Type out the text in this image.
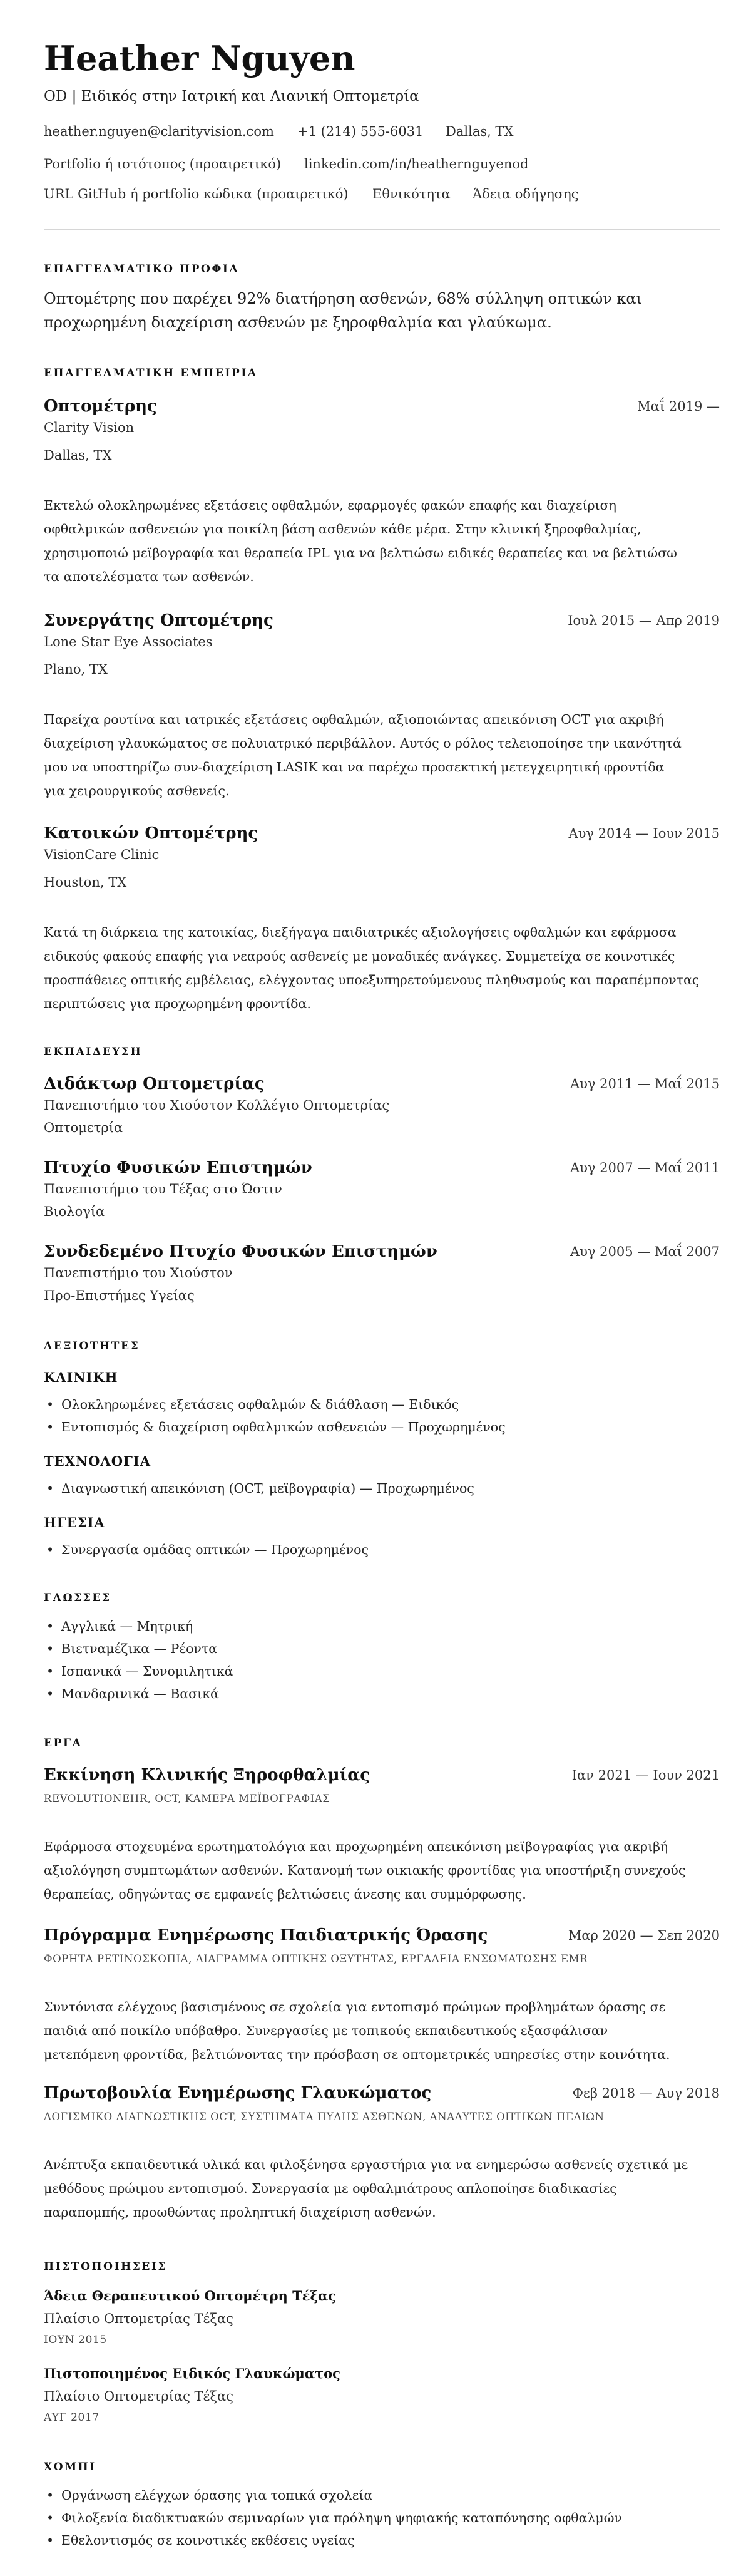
Heather Nguyen
OD | Ειδικός στην Ιατρική και Λιανική Οπτομετρία
heather.nguyen@clarityvision.com +1 (214) 555-6031 Dallas, TX
Portfolio ή ιστότοπος (προαιρετικό) linkedin.com/in/heathernguyenod
URL GitHub ή portfolio κώδικα (προαιρετικό) Εθνικότητα Άδεια οδήγησης
ΕΠΑΓΓΕΛΜΑΤΙΚΟ ΠΡΟΦΙΛ
Οπτομέτρης που παρέχει 92% διατήρηση ασθενών, 68% σύλληψη οπτικών και
προχωρημένη διαχείριση ασθενών με ξηροφθαλμία και γλαύκωμα.
ΕΠΑΓΓΕΛΜΑΤΙΚΗ ΕΜΠΕΙΡΙΑ
Οπτομέτρης	Μαΐ 2019 —
Clarity Vision
Dallas, TX
Εκτελώ ολοκληρωμένες εξετάσεις οφθαλμών, εφαρμογές φακών επαφής και διαχείριση
οφθαλμικών ασθενειών για ποικίλη βάση ασθενών κάθε μέρα. Στην κλινική ξηροφθαλμίας,
χρησιμοποιώ μεϊβογραφία και θεραπεία IPL για να βελτιώσω ειδικές θεραπείες και να βελτιώσω
τα αποτελέσματα των ασθενών.
Συνεργάτης Οπτομέτρης	Ιουλ 2015 — Απρ 2019
Lone Star Eye Associates
Plano, TX
Παρείχα ρουτίνα και ιατρικές εξετάσεις οφθαλμών, αξιοποιώντας απεικόνιση OCT για ακριβή
διαχείριση γλαυκώματος σε πολυιατρικό περιβάλλον. Αυτός ο ρόλος τελειοποίησε την ικανότητά
μου να υποστηρίζω συν-διαχείριση LASIK και να παρέχω προσεκτική μετεγχειρητική φροντίδα
για χειρουργικούς ασθενείς.
Κατοικών Οπτομέτρης	Αυγ 2014 — Ιουν 2015
VisionCare Clinic
Houston, TX
Κατά τη διάρκεια της κατοικίας, διεξήγαγα παιδιατρικές αξιολογήσεις οφθαλμών και εφάρμοσα
ειδικούς φακούς επαφής για νεαρούς ασθενείς με μοναδικές ανάγκες. Συμμετείχα σε κοινοτικές
προσπάθειες οπτικής εμβέλειας, ελέγχοντας υποεξυπηρετούμενους πληθυσμούς και παραπέμποντας
περιπτώσεις για προχωρημένη φροντίδα.
ΕΚΠΑΙΔΕΥΣΗ
Διδάκτωρ Οπτομετρίας	Αυγ 2011 — Μαΐ 2015
Πανεπιστήμιο του Χιούστον Κολλέγιο Οπτομετρίας
Οπτομετρία
Πτυχίο Φυσικών Επιστημών	Αυγ 2007 — Μαΐ 2011
Πανεπιστήμιο του Τέξας στο Ώστιν
Βιολογία
Συνδεδεμένο Πτυχίο Φυσικών Επιστημών	Αυγ 2005 — Μαΐ 2007
Πανεπιστήμιο του Χιούστον
Προ-Επιστήμες Υγείας
ΔΕΞΙΟΤΗΤΕΣ
ΚΛΙΝΙΚΗ
• Ολοκληρωμένες εξετάσεις οφθαλμών & διάθλαση — Ειδικός
• Εντοπισμός & διαχείριση οφθαλμικών ασθενειών — Προχωρημένος
ΤΕΧΝΟΛΟΓΙΑ
• Διαγνωστική απεικόνιση (OCT, μεϊβογραφία) — Προχωρημένος
ΗΓΕΣΙΑ
• Συνεργασία ομάδας οπτικών — Προχωρημένος
ΓΛΩΣΣΕΣ
• Αγγλικά — Μητρική
• Βιετναμέζικα — Ρέοντα
• Ισπανικά — Συνομιλητικά
• Μανδαρινικά — Βασικά
ΕΡΓΑ
Εκκίνηση Κλινικής Ξηροφθαλμίας	Ιαν 2021 — Ιουν 2021
REVOLUTIONEHR, OCT, ΚΑΜΕΡΑ ΜΕΪΒΟΓΡΑΦΙΑΣ
Εφάρμοσα στοχευμένα ερωτηματολόγια και προχωρημένη απεικόνιση μεϊβογραφίας για ακριβή
αξιολόγηση συμπτωμάτων ασθενών. Κατανομή των οικιακής φροντίδας για υποστήριξη συνεχούς
θεραπείας, οδηγώντας σε εμφανείς βελτιώσεις άνεσης και συμμόρφωσης.
Πρόγραμμα Ενημέρωσης Παιδιατρικής Όρασης	Μαρ 2020 — Σεπ 2020
ΦΟΡΗΤΑ ΡΕΤΙΝΟΣΚΟΠΙΑ, ΔΙΑΓΡΑΜΜΑ ΟΠΤΙΚΗΣ ΟΞΥΤΗΤΑΣ, ΕΡΓΑΛΕΙΑ ΕΝΣΩΜΑΤΩΣΗΣ EMR
Συντόνισα ελέγχους βασισμένους σε σχολεία για εντοπισμό πρώιμων προβλημάτων όρασης σε
παιδιά από ποικίλο υπόβαθρο. Συνεργασίες με τοπικούς εκπαιδευτικούς εξασφάλισαν
μετεπόμενη φροντίδα, βελτιώνοντας την πρόσβαση σε οπτομετρικές υπηρεσίες στην κοινότητα.
Πρωτοβουλία Ενημέρωσης Γλαυκώματος	Φεβ 2018 — Αυγ 2018
ΛΟΓΙΣΜΙΚΟ ΔΙΑΓΝΩΣΤΙΚΗΣ OCT, ΣΥΣΤΗΜΑΤΑ ΠΥΛΗΣ ΑΣΘΕΝΩΝ, ΑΝΑΛΥΤΕΣ ΟΠΤΙΚΩΝ ΠΕΔΙΩΝ
Ανέπτυξα εκπαιδευτικά υλικά και φιλοξένησα εργαστήρια για να ενημερώσω ασθενείς σχετικά με
μεθόδους πρώιμου εντοπισμού. Συνεργασία με οφθαλμιάτρους απλοποίησε διαδικασίες
παραπομπής, προωθώντας προληπτική διαχείριση ασθενών.
ΠΙΣΤΟΠΟΙΗΣΕΙΣ
Άδεια Θεραπευτικού Οπτομέτρη Τέξας
Πλαίσιο Οπτομετρίας Τέξας
ΙΟΥΝ 2015
Πιστοποιημένος Ειδικός Γλαυκώματος
Πλαίσιο Οπτομετρίας Τέξας
ΑΥΓ 2017
ΧΟΜΠΙ
• Οργάνωση ελέγχων όρασης για τοπικά σχολεία
• Φιλοξενία διαδικτυακών σεμιναρίων για πρόληψη ψηφιακής καταπόνησης οφθαλμών
• Εθελοντισμός σε κοινοτικές εκθέσεις υγείας
